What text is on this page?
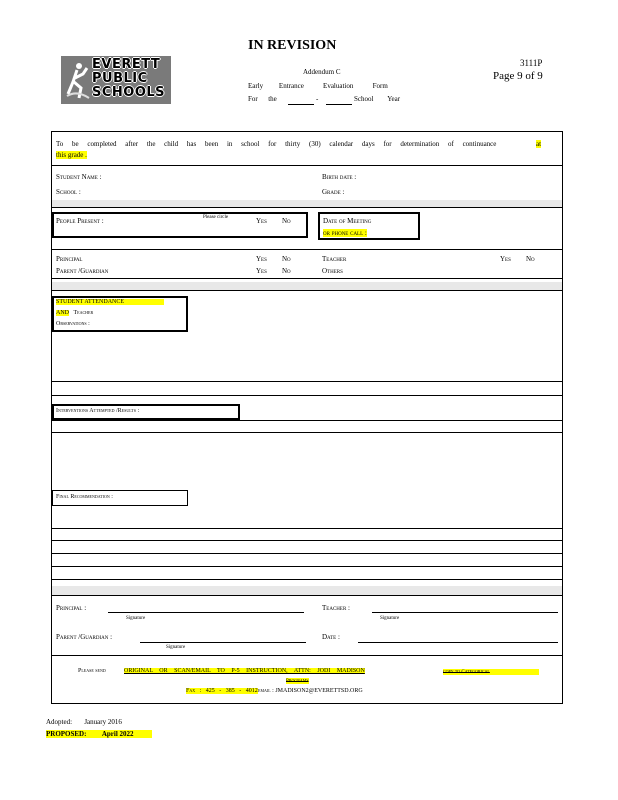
IN REVISION
3111P
Page 9 of 9
EVERETT
PUBLIC
SCHOOLS
Addendum C
Early Entrance	Evaluation	Form
For the	-	School Year
To be completed after the child has been in school for thirty (30) calendar days for determination of continuance	at
this grade .
Student Name :	Birth date :
School :	Grade :
People Present :	Please circle	Yes No	Date of Meeting
or phone call :
Principal	Yes No	Teacher	Yes No
Parent /Guardian	Yes No	Others
STUDENT ATTENDANCE
AND Teacher
Observations :
Interventions Attempted /Results :
Final Recommendation :
Principal :
Signature
Teacher :
Signature
Parent /Guardian :
Signature
Date :
Please send	ORIGINAL OR SCAN/EMAIL TO P-5 INSTRUCTION, ATTN: JODI MADISON	copy to Categorical
Programs
Fax : 425 - 385 - 4012 email : JMADISON2@EVERETTSD.ORG
Adopted: January 2016
PROPOSED: April 2022
